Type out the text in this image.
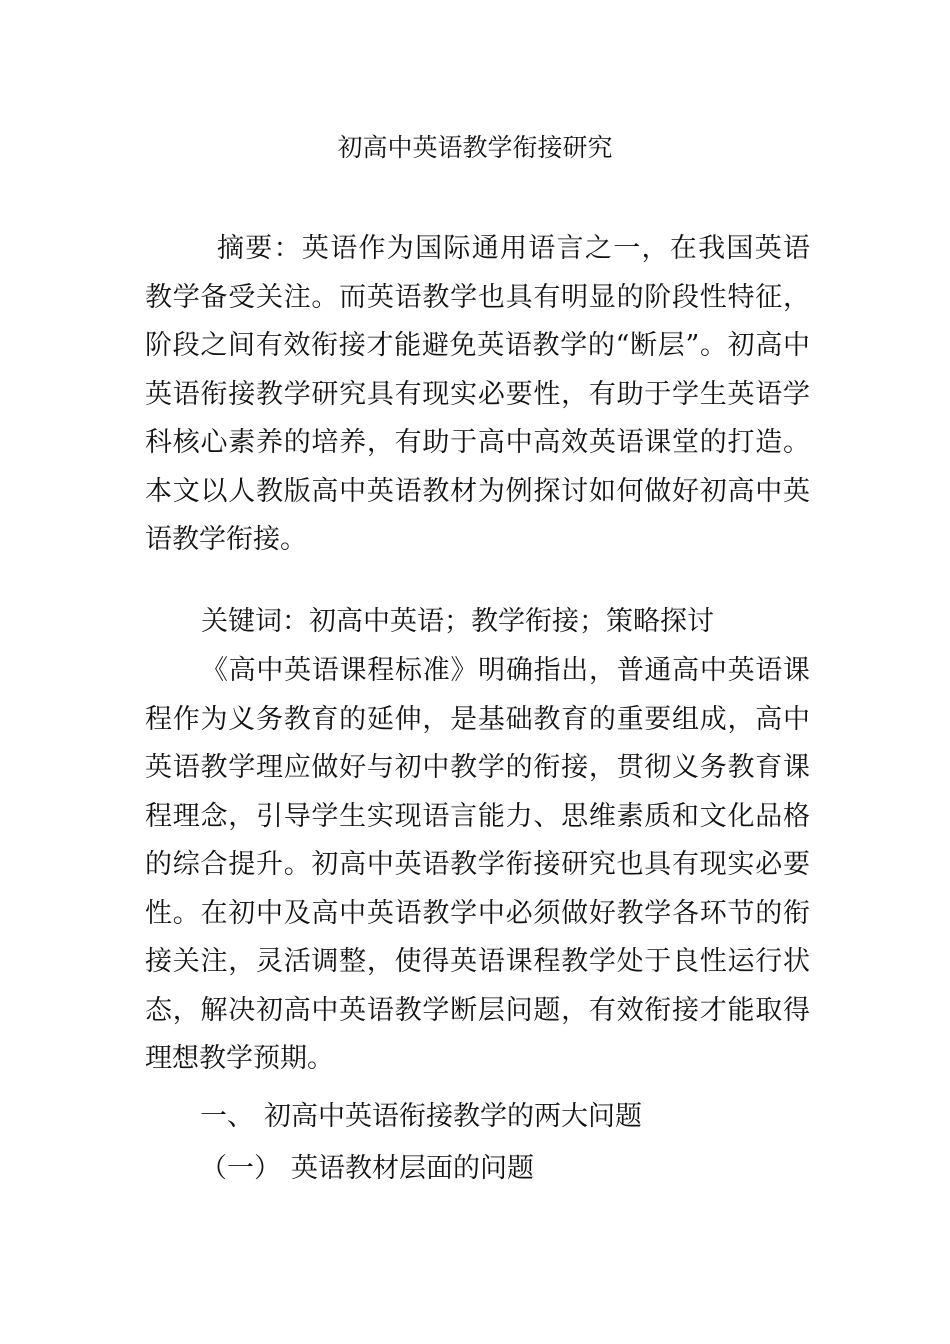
初高中英语教学衔接研究
摘要：英语作为国际通用语言之一，在我国英语教学备受关注。而英语教学也具有明显的阶段性特征，阶段之间有效衔接才能避免英语教学的“断层”。初高中英语衔接教学研究具有现实必要性，有助于学生英语学科核心素养的培养，有助于高中高效英语课堂的打造。本文以人教版高中英语教材为例探讨如何做好初高中英语教学衔接。
关键词：初高中英语；教学衔接；策略探讨
《高中英语课程标准》明确指出，普通高中英语课程作为义务教育的延伸，是基础教育的重要组成，高中英语教学理应做好与初中教学的衔接，贯彻义务教育课程理念，引导学生实现语言能力、思维素质和文化品格的综合提升。初高中英语教学衔接研究也具有现实必要性。在初中及高中英语教学中必须做好教学各环节的衔接关注，灵活调整，使得英语课程教学处于良性运行状态，解决初高中英语教学断层问题，有效衔接才能取得理想教学预期。
一、 初高中英语衔接教学的两大问题
（一） 英语教材层面的问题
